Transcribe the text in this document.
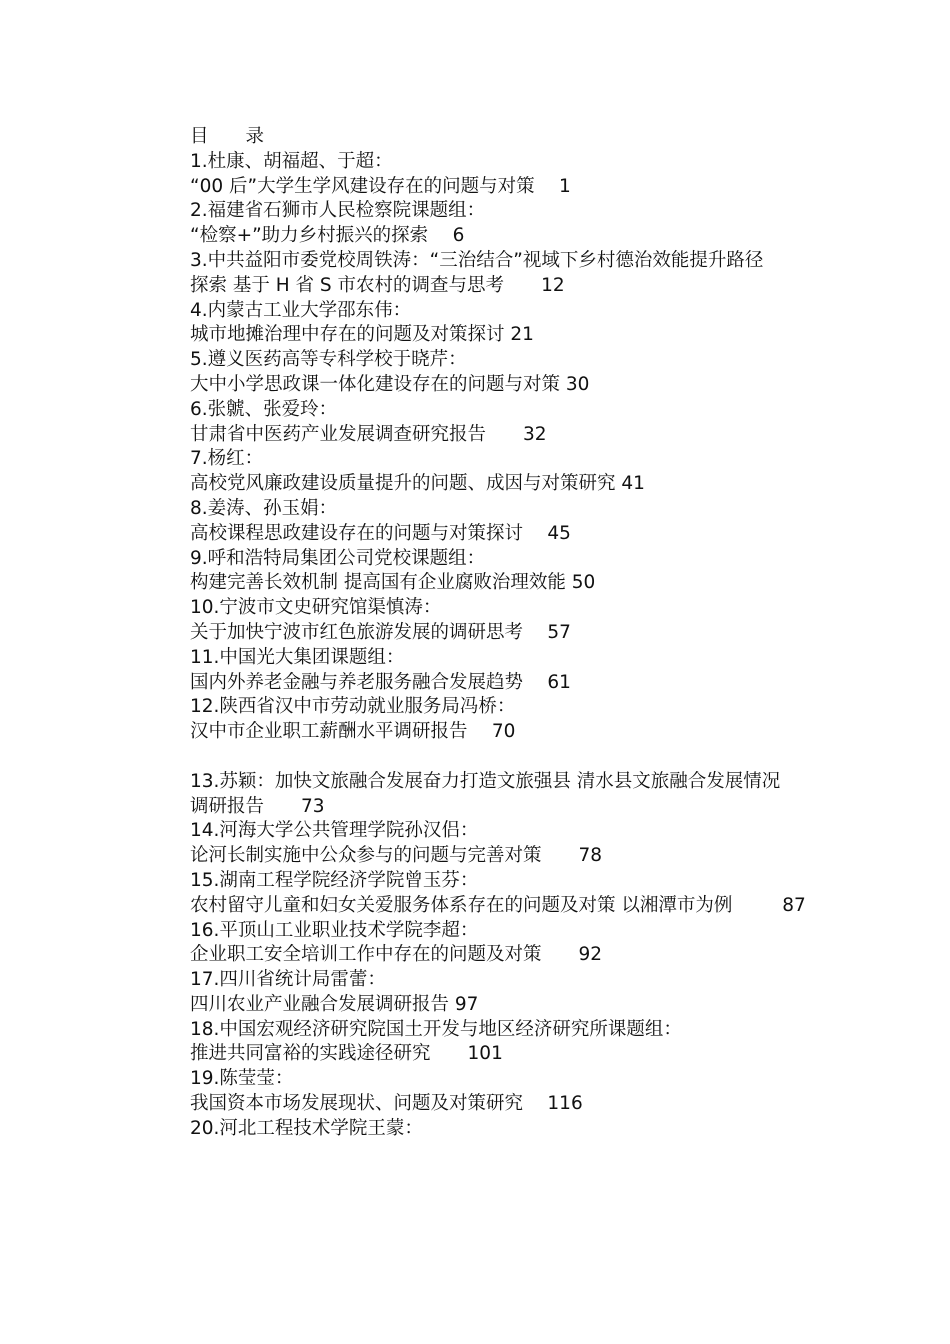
目　　录
1.杜康、胡福超、于超：
“00 后”大学生学风建设存在的问题与对策　 1
2.福建省石狮市人民检察院课题组：
“检察+”助力乡村振兴的探索　 6
3.中共益阳市委党校周铁涛：“三治结合”视域下乡村德治效能提升路径
探索 基于 H 省 S 市农村的调查与思考　　 12
4.内蒙古工业大学邵东伟：
城市地摊治理中存在的问题及对策探讨 21
5.遵义医药高等专科学校于晓芹：
大中小学思政课一体化建设存在的问题与对策 30
6.张虩、张爱玲：
甘肃省中医药产业发展调查研究报告　　 32
7.杨红：
高校党风廉政建设质量提升的问题、成因与对策研究 41
8.姜涛、孙玉娟：
高校课程思政建设存在的问题与对策探讨　 45
9.呼和浩特局集团公司党校课题组：
构建完善长效机制 提高国有企业腐败治理效能 50
10.宁波市文史研究馆渠慎涛：
关于加快宁波市红色旅游发展的调研思考　 57
11.中国光大集团课题组：
国内外养老金融与养老服务融合发展趋势　 61
12.陕西省汉中市劳动就业服务局冯桥：
汉中市企业职工薪酬水平调研报告　 70
13.苏颖：加快文旅融合发展奋力打造文旅强县 清水县文旅融合发展情况
调研报告　　 73
14.河海大学公共管理学院孙汉侣：
论河长制实施中公众参与的问题与完善对策　　 78
15.湖南工程学院经济学院曾玉芬：
农村留守儿童和妇女关爱服务体系存在的问题及对策 以湘潭市为例	87
16.平顶山工业职业技术学院李超：
企业职工安全培训工作中存在的问题及对策　　 92
17.四川省统计局雷蕾：
四川农业产业融合发展调研报告 97
18.中国宏观经济研究院国土开发与地区经济研究所课题组：
推进共同富裕的实践途径研究　　 101
19.陈莹莹：
我国资本市场发展现状、问题及对策研究　 116
20.河北工程技术学院王蒙：
